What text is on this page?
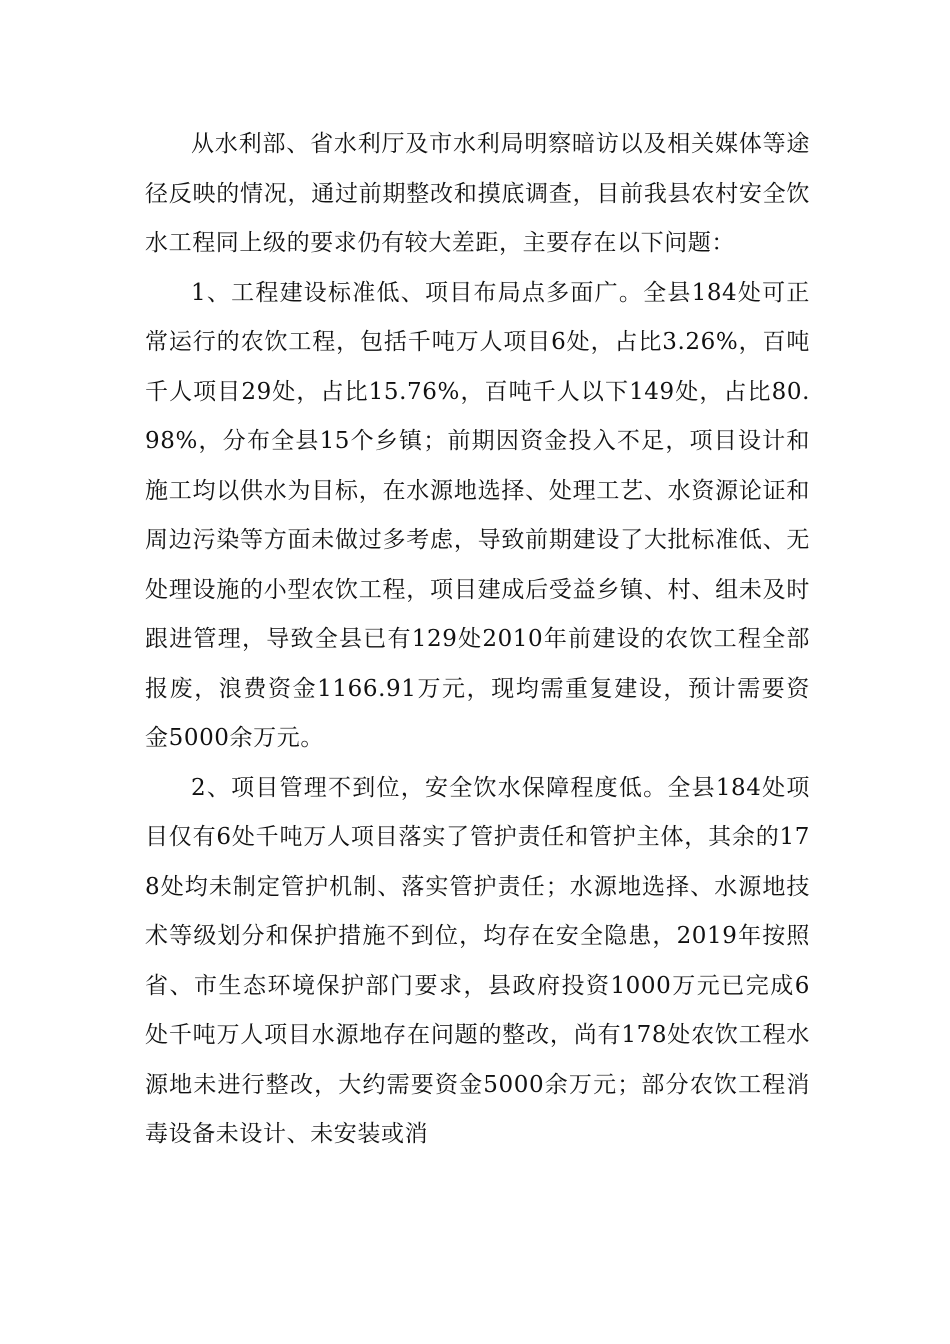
从水利部、省水利厅及市水利局明察暗访以及相关媒体等途径反映的情况，通过前期整改和摸底调查，目前我县农村安全饮水工程同上级的要求仍有较大差距，主要存在以下问题：

1、工程建设标准低、项目布局点多面广。全县184处可正常运行的农饮工程，包括千吨万人项目6处，占比3.26%，百吨千人项目29处，占比15.76%，百吨千人以下149处，占比80.98%，分布全县15个乡镇；前期因资金投入不足，项目设计和施工均以供水为目标，在水源地选择、处理工艺、水资源论证和周边污染等方面未做过多考虑，导致前期建设了大批标准低、无处理设施的小型农饮工程，项目建成后受益乡镇、村、组未及时跟进管理，导致全县已有129处2010年前建设的农饮工程全部报废，浪费资金1166.91万元，现均需重复建设，预计需要资金5000余万元。

2、项目管理不到位，安全饮水保障程度低。全县184处项目仅有6处千吨万人项目落实了管护责任和管护主体，其余的178处均未制定管护机制、落实管护责任；水源地选择、水源地技术等级划分和保护措施不到位，均存在安全隐患，2019年按照省、市生态环境保护部门要求，县政府投资1000万元已完成6处千吨万人项目水源地存在问题的整改，尚有178处农饮工程水源地未进行整改，大约需要资金5000余万元；部分农饮工程消毒设备未设计、未安装或消
